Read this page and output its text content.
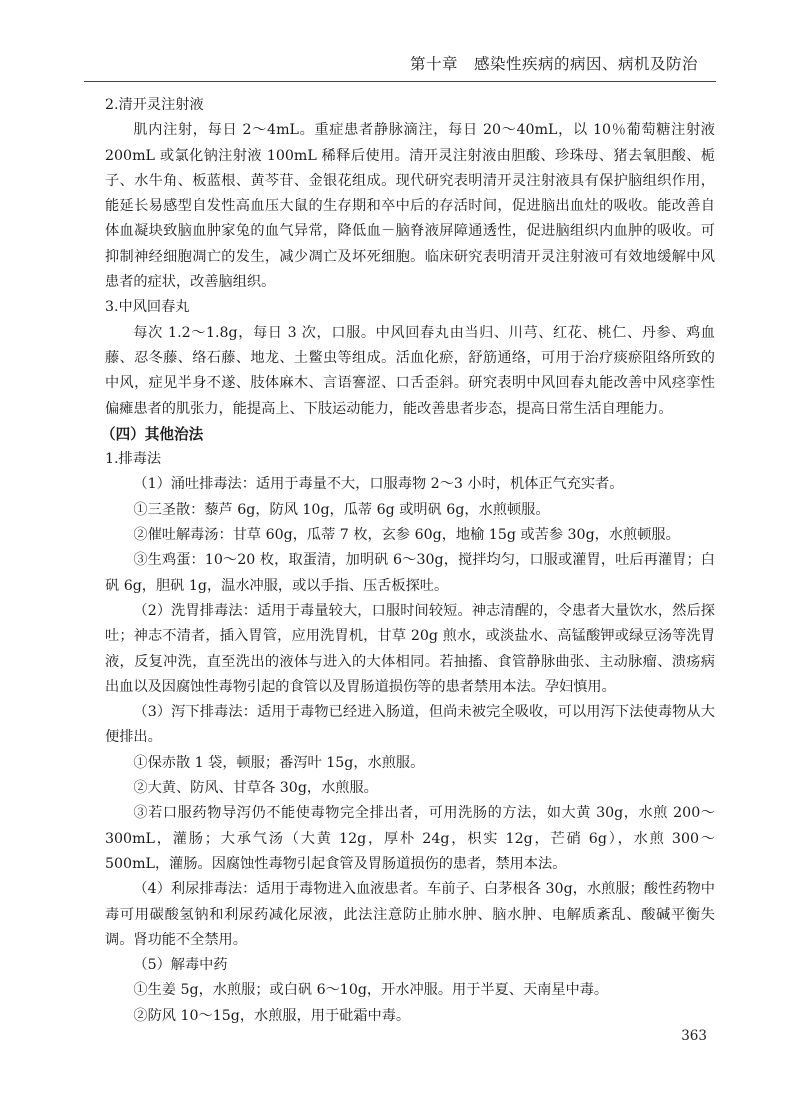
第十章　感染性疾病的病因、病机及防治

2.清开灵注射液

肌内注射，每日 2～4mL。重症患者静脉滴注，每日 20～40mL，以 10％葡萄糖注射液 200mL 或氯化钠注射液 100mL 稀释后使用。清开灵注射液由胆酸、珍珠母、猪去氧胆酸、栀子、水牛角、板蓝根、黄芩苷、金银花组成。现代研究表明清开灵注射液具有保护脑组织作用，能延长易感型自发性高血压大鼠的生存期和卒中后的存活时间，促进脑出血灶的吸收。能改善自体血凝块致脑血肿家兔的血气异常，降低血－脑脊液屏障通透性，促进脑组织内血肿的吸收。可抑制神经细胞凋亡的发生，减少凋亡及坏死细胞。临床研究表明清开灵注射液可有效地缓解中风患者的症状，改善脑组织。

3.中风回春丸

每次 1.2～1.8g，每日 3 次，口服。中风回春丸由当归、川芎、红花、桃仁、丹参、鸡血藤、忍冬藤、络石藤、地龙、土鳖虫等组成。活血化瘀，舒筋通络，可用于治疗痰瘀阻络所致的中风，症见半身不遂、肢体麻木、言语謇涩、口舌歪斜。研究表明中风回春丸能改善中风痉挛性偏瘫患者的肌张力，能提高上、下肢运动能力，能改善患者步态，提高日常生活自理能力。

（四）其他治法

1.排毒法

（1）涌吐排毒法：适用于毒量不大，口服毒物 2～3 小时，机体正气充实者。

①三圣散：藜芦 6g，防风 10g，瓜蒂 6g 或明矾 6g，水煎顿服。

②催吐解毒汤：甘草 60g，瓜蒂 7 枚，玄参 60g，地榆 15g 或苦参 30g，水煎顿服。

③生鸡蛋：10～20 枚，取蛋清，加明矾 6～30g，搅拌均匀，口服或灌胃，吐后再灌胃；白矾 6g，胆矾 1g，温水冲服，或以手指、压舌板探吐。

（2）洗胃排毒法：适用于毒量较大，口服时间较短。神志清醒的，令患者大量饮水，然后探吐；神志不清者，插入胃管，应用洗胃机，甘草 20g 煎水，或淡盐水、高锰酸钾或绿豆汤等洗胃液，反复冲洗，直至洗出的液体与进入的大体相同。若抽搐、食管静脉曲张、主动脉瘤、溃疡病出血以及因腐蚀性毒物引起的食管以及胃肠道损伤等的患者禁用本法。孕妇慎用。

（3）泻下排毒法：适用于毒物已经进入肠道，但尚未被完全吸收，可以用泻下法使毒物从大便排出。

①保赤散 1 袋，顿服；番泻叶 15g，水煎服。

②大黄、防风、甘草各 30g，水煎服。

③若口服药物导泻仍不能使毒物完全排出者，可用洗肠的方法，如大黄 30g，水煎 200～300mL，灌肠；大承气汤（大黄 12g，厚朴 24g，枳实 12g，芒硝 6g），水煎 300～500mL，灌肠。因腐蚀性毒物引起食管及胃肠道损伤的患者，禁用本法。

（4）利尿排毒法：适用于毒物进入血液患者。车前子、白茅根各 30g，水煎服；酸性药物中毒可用碳酸氢钠和利尿药减化尿液，此法注意防止肺水肿、脑水肿、电解质紊乱、酸碱平衡失调。肾功能不全禁用。

（5）解毒中药

①生姜 5g，水煎服；或白矾 6～10g，开水冲服。用于半夏、天南星中毒。

②防风 10～15g，水煎服，用于砒霜中毒。

363
